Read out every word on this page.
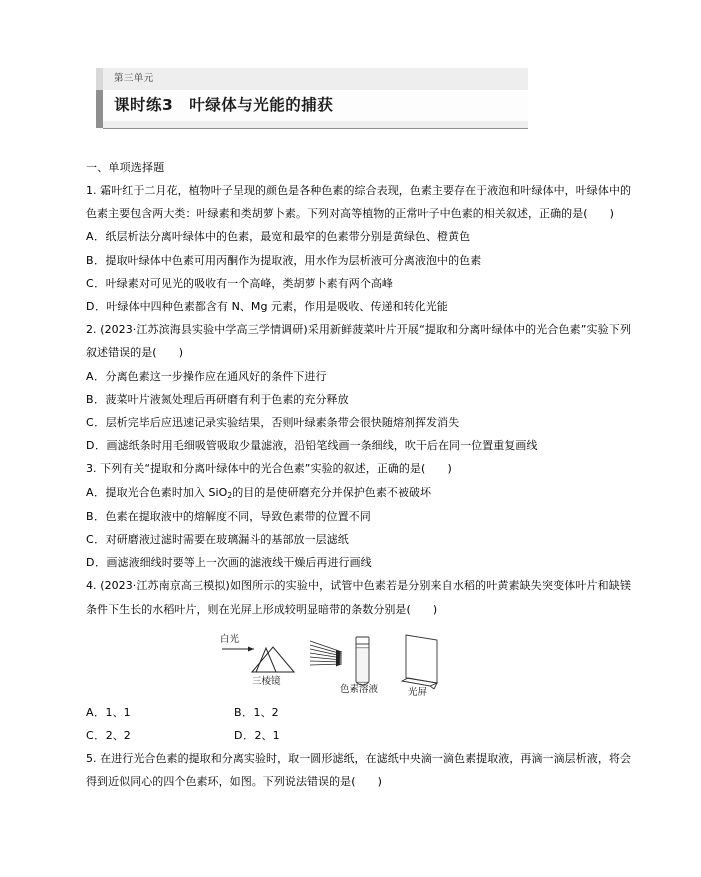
第三单元
课时练3　叶绿体与光能的捕获
一、单项选择题
1. 霜叶红于二月花，植物叶子呈现的颜色是各种色素的综合表现，色素主要存在于液泡和叶绿体中，叶绿体中的色素主要包含两大类：叶绿素和类胡萝卜素。下列对高等植物的正常叶子中色素的相关叙述，正确的是(　　)
A．纸层析法分离叶绿体中的色素，最宽和最窄的色素带分别是黄绿色、橙黄色
B．提取叶绿体中色素可用丙酮作为提取液，用水作为层析液可分离液泡中的色素
C．叶绿素对可见光的吸收有一个高峰，类胡萝卜素有两个高峰
D．叶绿体中四种色素都含有 N、Mg 元素，作用是吸收、传递和转化光能
2. (2023·江苏滨海县实验中学高三学情调研)采用新鲜菠菜叶片开展“提取和分离叶绿体中的光合色素”实验下列叙述错误的是(　　)
A．分离色素这一步操作应在通风好的条件下进行
B．菠菜叶片液氮处理后再研磨有利于色素的充分释放
C．层析完毕后应迅速记录实验结果，否则叶绿素条带会很快随熔剂挥发消失
D．画滤纸条时用毛细吸管吸取少量滤液，沿铅笔线画一条细线，吹干后在同一位置重复画线
3. 下列有关“提取和分离叶绿体中的光合色素”实验的叙述，正确的是(　　)
A．提取光合色素时加入 SiO$_2$的目的是使研磨充分并保护色素不被破坏
B．色素在提取液中的熔解度不同，导致色素带的位置不同
C．对研磨液过滤时需要在玻璃漏斗的基部放一层滤纸
D．画滤液细线时要等上一次画的滤液线干燥后再进行画线
4. (2023·江苏南京高三模拟)如图所示的实验中，试管中色素若是分别来自水稻的叶黄素缺失突变体叶片和缺镁条件下生长的水稻叶片，则在光屏上形成较明显暗带的条数分别是(　　)
白光
三棱镜
色素溶液	光屏
A．1、1	B．1、2
C．2、2	D．2、1
5. 在进行光合色素的提取和分离实验时，取一圆形滤纸，在滤纸中央滴一滴色素提取液，再滴一滴层析液，将会得到近似同心的四个色素环，如图。下列说法错误的是(　　)
